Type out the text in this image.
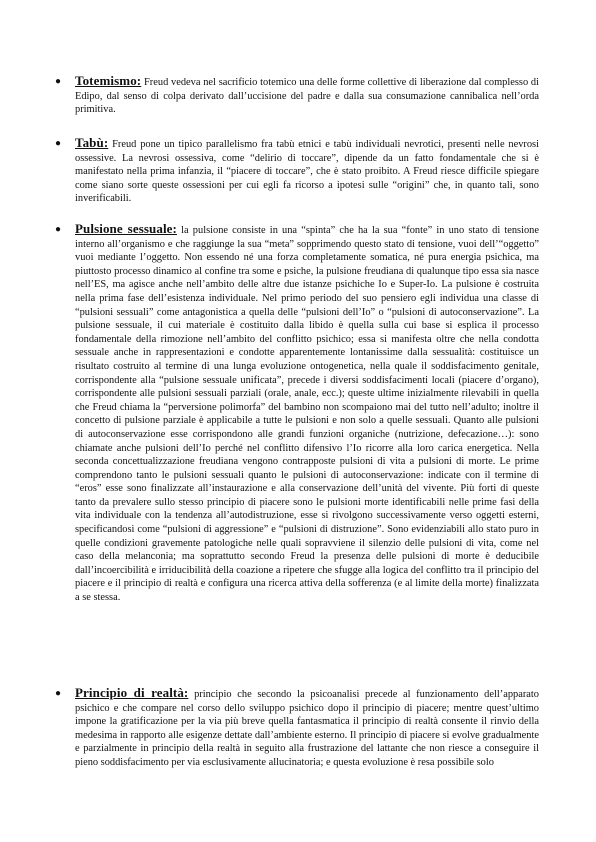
● Totemismo: Freud vedeva nel sacrificio totemico una delle forme collettive di liberazione dal complesso di Edipo, dal senso di colpa derivato dall’uccisione del padre e dalla sua consumazione cannibalica nell’orda primitiva.
● Tabù: Freud pone un tipico parallelismo fra tabù etnici e tabù individuali nevrotici, presenti nelle nevrosi ossessive. La nevrosi ossessiva, come “delirio di toccare”, dipende da un fatto fondamentale che si è manifestato nella prima infanzia, il “piacere di toccare”, che è stato proibito. A Freud riesce difficile spiegare come siano sorte queste ossessioni per cui egli fa ricorso a ipotesi sulle “origini” che, in quanto tali, sono inverificabili.
● Pulsione sessuale: la pulsione consiste in una “spinta” che ha la sua “fonte” in uno stato di tensione interno all’organismo e che raggiunge la sua “meta” sopprimendo questo stato di tensione, vuoi dell’“oggetto” vuoi mediante l’oggetto. Non essendo né una forza completamente somatica, né pura energia psichica, ma piuttosto processo dinamico al confine tra some e psiche, la pulsione freudiana di qualunque tipo essa sia nasce nell’ES, ma agisce anche nell’ambito delle altre due istanze psichiche Io e Super-Io. La pulsione è costruita nella prima fase dell’esistenza individuale. Nel primo periodo del suo pensiero egli individua una classe di “pulsioni sessuali” come antagonistica a quella delle “pulsioni dell’Io” o “pulsioni di autoconservazione”. La pulsione sessuale, il cui materiale è costituito dalla libido è quella sulla cui base si esplica il processo fondamentale della rimozione nell’ambito del conflitto psichico; essa si manifesta oltre che nella condotta sessuale anche in rappresentazioni e condotte apparentemente lontanissime dalla sessualità: costituisce un risultato costruito al termine di una lunga evoluzione ontogenetica, nella quale il soddisfacimento genitale, corrispondente alla “pulsione sessuale unificata”, precede i diversi soddisfacimenti locali (piacere d’organo), corrispondente alle pulsioni sessuali parziali (orale, anale, ecc.); queste ultime inizialmente rilevabili in quella che Freud chiama la “perversione polimorfa” del bambino non scompaiono mai del tutto nell’adulto; inoltre il concetto di pulsione parziale è applicabile a tutte le pulsioni e non solo a quelle sessuali. Quanto alle pulsioni di autoconservazione esse corrispondono alle grandi funzioni organiche (nutrizione, defecazione…): sono chiamate anche pulsioni dell’Io perché nel conflitto difensivo l’Io ricorre alla loro carica energetica. Nella seconda concettualizzazione freudiana vengono contrapposte pulsioni di vita a pulsioni di morte. Le prime comprendono tanto le pulsioni sessuali quanto le pulsioni di autoconservazione: indicate con il termine di “eros” esse sono finalizzate all’instaurazione e alla conservazione dell’unità del vivente. Più forti di queste tanto da prevalere sullo stesso principio di piacere sono le pulsioni morte identificabili nelle prime fasi della vita individuale con la tendenza all’autodistruzione, esse si rivolgono successivamente verso oggetti esterni, specificandosi come “pulsioni di aggressione” e “pulsioni di distruzione”. Sono evidenziabili allo stato puro in quelle condizioni gravemente patologiche nelle quali sopravviene il silenzio delle pulsioni di vita, come nel caso della melanconia; ma soprattutto secondo Freud la presenza delle pulsioni di morte è deducibile dall’incoercibilità e irriducibilità della coazione a ripetere che sfugge alla logica del conflitto tra il principio del piacere e il principio di realtà e configura una ricerca attiva della sofferenza (e al limite della morte) finalizzata a se stessa.
● Principio di realtà: principio che secondo la psicoanalisi precede al funzionamento dell’apparato psichico e che compare nel corso dello sviluppo psichico dopo il principio di piacere; mentre quest’ultimo impone la gratificazione per la via più breve quella fantasmatica il principio di realtà consente il rinvio della medesima in rapporto alle esigenze dettate dall’ambiente esterno. Il principio di piacere si evolve gradualmente e parzialmente in principio della realtà in seguito alla frustrazione del lattante che non riesce a conseguire il pieno soddisfacimento per via esclusivamente allucinatoria; e questa evoluzione è resa possibile solo
